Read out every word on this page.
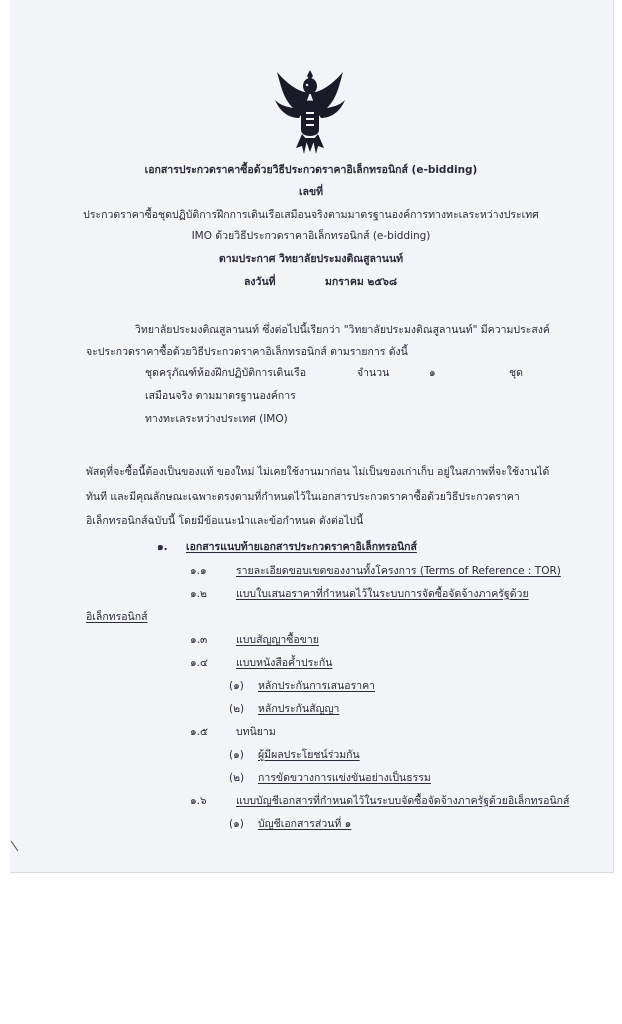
เอกสารประกวดราคาซื้อด้วยวิธีประกวดราคาอิเล็กทรอนิกส์ (e-bidding)
เลขที่
ประกวดราคาซื้อชุดปฏิบัติการฝึกการเดินเรือเสมือนจริงตามมาตรฐานองค์การทางทะเลระหว่างประเทศ
IMO ด้วยวิธีประกวดราคาอิเล็กทรอนิกส์ (e-bidding)
ตามประกาศ วิทยาลัยประมงติณสูลานนท์
ลงวันที่	มกราคม ๒๕๖๘
วิทยาลัยประมงติณสูลานนท์ ซึ่งต่อไปนี้เรียกว่า "วิทยาลัยประมงติณสูลานนท์" มีความประสงค์
จะประกวดราคาซื้อด้วยวิธีประกวดราคาอิเล็กทรอนิกส์ ตามรายการ ดังนี้
ชุดครุภัณฑ์ห้องฝึกปฏิบัติการเดินเรือ	จำนวน	๑	ชุด
เสมือนจริง ตามมาตรฐานองค์การ
ทางทะเลระหว่างประเทศ (IMO)
พัสดุที่จะซื้อนี้ต้องเป็นของแท้ ของใหม่ ไม่เคยใช้งานมาก่อน ไม่เป็นของเก่าเก็บ อยู่ในสภาพที่จะใช้งานได้
ทันที และมีคุณลักษณะเฉพาะตรงตามที่กำหนดไว้ในเอกสารประกวดราคาซื้อด้วยวิธีประกวดราคา
อิเล็กทรอนิกส์ฉบับนี้ โดยมีข้อแนะนำและข้อกำหนด ดังต่อไปนี้
๑. เอกสารแนบท้ายเอกสารประกวดราคาอิเล็กทรอนิกส์
๑.๑	รายละเอียดขอบเขตของงานทั้งโครงการ (Terms of Reference : TOR)
๑.๒	แบบใบเสนอราคาที่กำหนดไว้ในระบบการจัดซื้อจัดจ้างภาครัฐด้วย
อิเล็กทรอนิกส์
๑.๓	แบบสัญญาซื้อขาย
๑.๔	แบบหนังสือค้ำประกัน
(๑) หลักประกันการเสนอราคา
(๒) หลักประกันสัญญา
๑.๕	บทนิยาม
(๑) ผู้มีผลประโยชน์ร่วมกัน
(๒) การขัดขวางการแข่งขันอย่างเป็นธรรม
๑.๖	แบบบัญชีเอกสารที่กำหนดไว้ในระบบจัดซื้อจัดจ้างภาครัฐด้วยอิเล็กทรอนิกส์
(๑) บัญชีเอกสารส่วนที่ ๑
